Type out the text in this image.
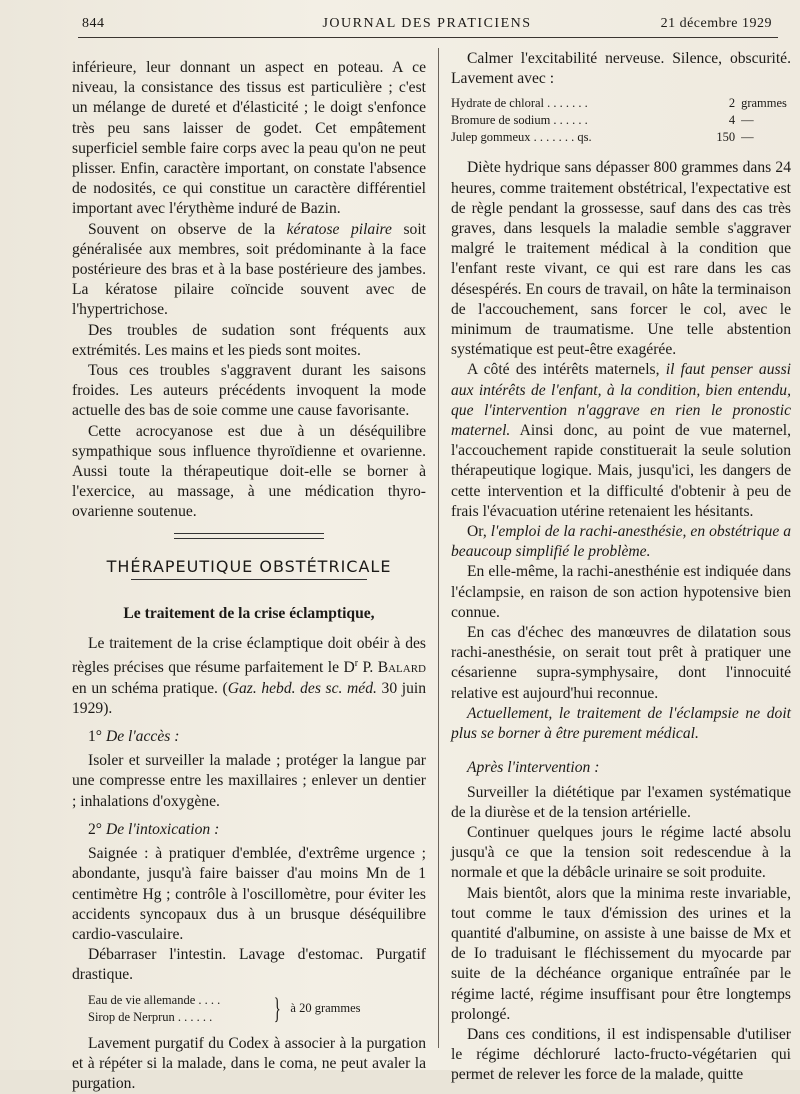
844	JOURNAL DES PRATICIENS	21 décembre 1929

inférieure, leur donnant un aspect en poteau. A ce niveau, la consistance des tissus est particulière ; c'est un mélange de dureté et d'élasticité ; le doigt s'enfonce très peu sans laisser de godet. Cet empâtement superficiel semble faire corps avec la peau qu'on ne peut plisser. Enfin, caractère important, on constate l'absence de nodosités, ce qui constitue un caractère différentiel important avec l'érythème induré de Bazin.

Souvent on observe de la kératose pilaire soit généralisée aux membres, soit prédominante à la face postérieure des bras et à la base postérieure des jambes. La kératose pilaire coïncide souvent avec de l'hypertrichose.

Des troubles de sudation sont fréquents aux extrémités. Les mains et les pieds sont moites.

Tous ces troubles s'aggravent durant les saisons froides. Les auteurs précédents invoquent la mode actuelle des bas de soie comme une cause favorisante.

Cette acrocyanose est due à un déséquilibre sympathique sous influence thyroïdienne et ovarienne. Aussi toute la thérapeutique doit-elle se borner à l'exercice, au massage, à une médication thyro-ovarienne soutenue.

THÉRAPEUTIQUE OBSTÉTRICALE
Le traitement de la crise éclamptique,

Le traitement de la crise éclamptique doit obéir à des règles précises que résume parfaitement le $D^r$ P. Balard en un schéma pratique. (Gaz. hebd. des sc. méd. 30 juin 1929).

1° De l'accès :

Isoler et surveiller la malade ; protéger la langue par une compresse entre les maxillaires ; enlever un dentier ; inhalations d'oxygène.

2° De l'intoxication :

Saignée : à pratiquer d'emblée, d'extrême urgence ; abondante, jusqu'à faire baisser d'au moins Mn de 1 centimètre Hg ; contrôle à l'oscillomètre, pour éviter les accidents syncopaux dus à un brusque déséquilibre cardio-vasculaire.

Débarraser l'intestin. Lavage d'estomac. Purgatif drastique.

Eau de vie allemande . . . .
Sirop de Nerprun . . . . . .	} à 20 grammes

Lavement purgatif du Codex à associer à la purgation et à répéter si la malade, dans le coma, ne peut avaler la purgation.

Calmer l'excitabilité nerveuse. Silence, obscurité. Lavement avec :

Hydrate de chloral . . . . . . .	2	grammes
Bromure de sodium . . . . . .	4	—
Julep gommeux . . . . . . . qs.	150	—

Diète hydrique sans dépasser 800 grammes dans 24 heures, comme traitement obstétrical, l'expectative est de règle pendant la grossesse, sauf dans des cas très graves, dans lesquels la maladie semble s'aggraver malgré le traitement médical à la condition que l'enfant reste vivant, ce qui est rare dans les cas désespérés. En cours de travail, on hâte la terminaison de l'accouchement, sans forcer le col, avec le minimum de traumatisme. Une telle abstention systématique est peut-être exagérée.

A côté des intérêts maternels, il faut penser aussi aux intérêts de l'enfant, à la condition, bien entendu, que l'intervention n'aggrave en rien le pronostic maternel. Ainsi donc, au point de vue maternel, l'accouchement rapide constituerait la seule solution thérapeutique logique. Mais, jusqu'ici, les dangers de cette intervention et la difficulté d'obtenir à peu de frais l'évacuation utérine retenaient les hésitants.

Or, l'emploi de la rachi-anesthésie, en obstétrique a beaucoup simplifié le problème.

En elle-même, la rachi-anesthénie est indiquée dans l'éclampsie, en raison de son action hypotensive bien connue.

En cas d'échec des manœuvres de dilatation sous rachi-anesthésie, on serait tout prêt à pratiquer une césarienne supra-symphysaire, dont l'innocuité relative est aujourd'hui reconnue.

Actuellement, le traitement de l'éclampsie ne doit plus se borner à être purement médical.

Après l'intervention :

Surveiller la diététique par l'examen systématique de la diurèse et de la tension artérielle.

Continuer quelques jours le régime lacté absolu jusqu'à ce que la tension soit redescendue à la normale et que la débâcle urinaire se soit produite.

Mais bientôt, alors que la minima reste invariable, tout comme le taux d'émission des urines et la quantité d'albumine, on assiste à une baisse de Mx et de Io traduisant le fléchissement du myocarde par suite de la déchéance organique entraînée par le régime lacté, régime insuffisant pour être longtemps prolongé.

Dans ces conditions, il est indispensable d'utiliser le régime déchloruré lacto-fructo-végétarien qui permet de relever les force de la malade, quitte
